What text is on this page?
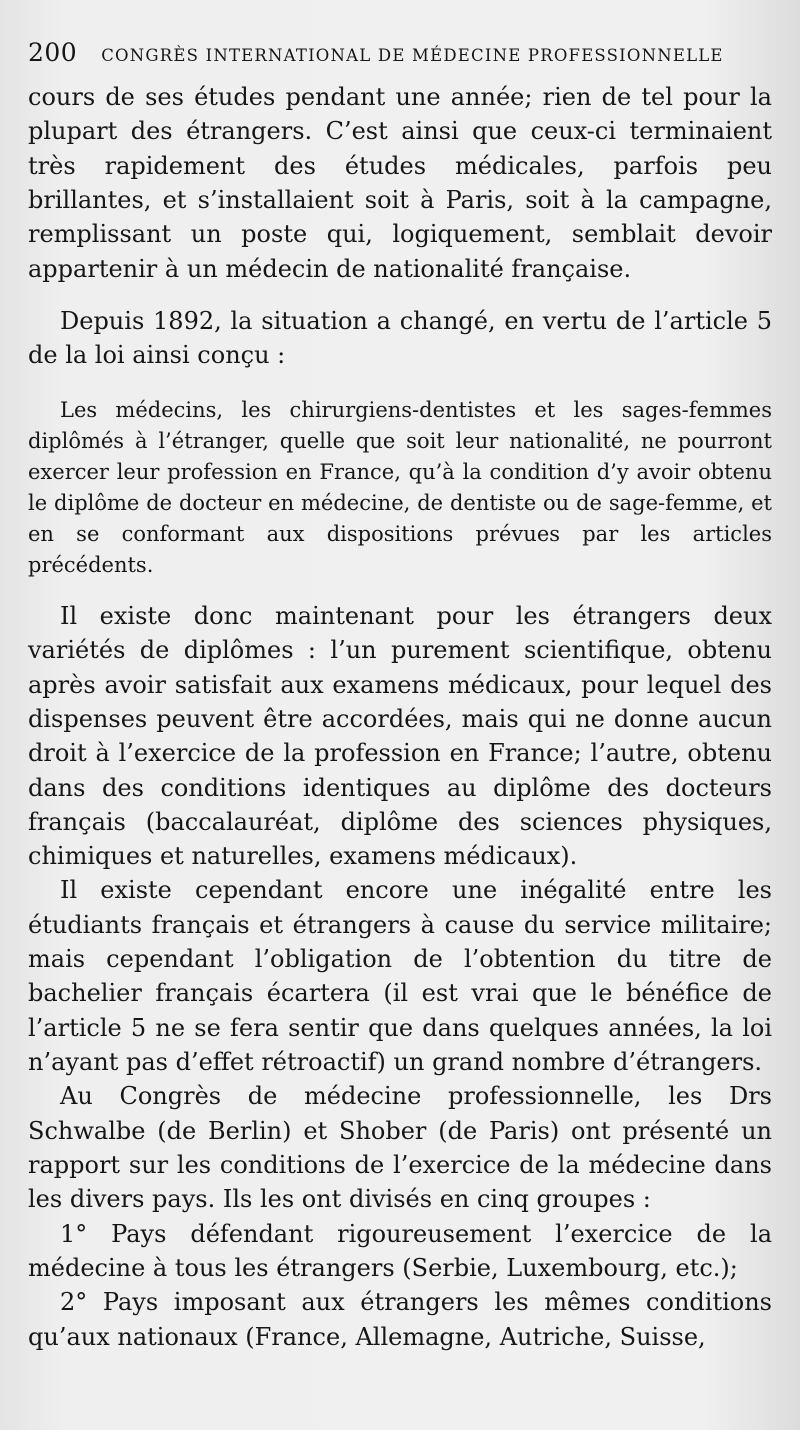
200 CONGRÈS INTERNATIONAL DE MÉDECINE PROFESSIONNELLE

cours de ses études pendant une année; rien de tel pour la plupart des étrangers. C’est ainsi que ceux-ci terminaient très rapidement des études médicales, parfois peu brillantes, et s’installaient soit à Paris, soit à la campagne, remplissant un poste qui, logiquement, semblait devoir appartenir à un médecin de nationalité française.

Depuis 1892, la situation a changé, en vertu de l’article 5 de la loi ainsi conçu :

Les médecins, les chirurgiens-dentistes et les sages-femmes diplômés à l’étranger, quelle que soit leur nationalité, ne pourront exercer leur profession en France, qu’à la condition d’y avoir obtenu le diplôme de docteur en médecine, de dentiste ou de sage-femme, et en se conformant aux dispositions prévues par les articles précédents.

Il existe donc maintenant pour les étrangers deux variétés de diplômes : l’un purement scientifique, obtenu après avoir satisfait aux examens médicaux, pour lequel des dispenses peuvent être accordées, mais qui ne donne aucun droit à l’exercice de la profession en France; l’autre, obtenu dans des conditions identiques au diplôme des docteurs français (baccalauréat, diplôme des sciences physiques, chimiques et naturelles, examens médicaux).

Il existe cependant encore une inégalité entre les étudiants français et étrangers à cause du service militaire; mais cependant l’obligation de l’obtention du titre de bachelier français écartera (il est vrai que le bénéfice de l’article 5 ne se fera sentir que dans quelques années, la loi n’ayant pas d’effet rétroactif) un grand nombre d’étrangers.

Au Congrès de médecine professionnelle, les Drs Schwalbe (de Berlin) et Shober (de Paris) ont présenté un rapport sur les conditions de l’exercice de la médecine dans les divers pays. Ils les ont divisés en cinq groupes :

1° Pays défendant rigoureusement l’exercice de la médecine à tous les étrangers (Serbie, Luxembourg, etc.);

2° Pays imposant aux étrangers les mêmes conditions qu’aux nationaux (France, Allemagne, Autriche, Suisse,
